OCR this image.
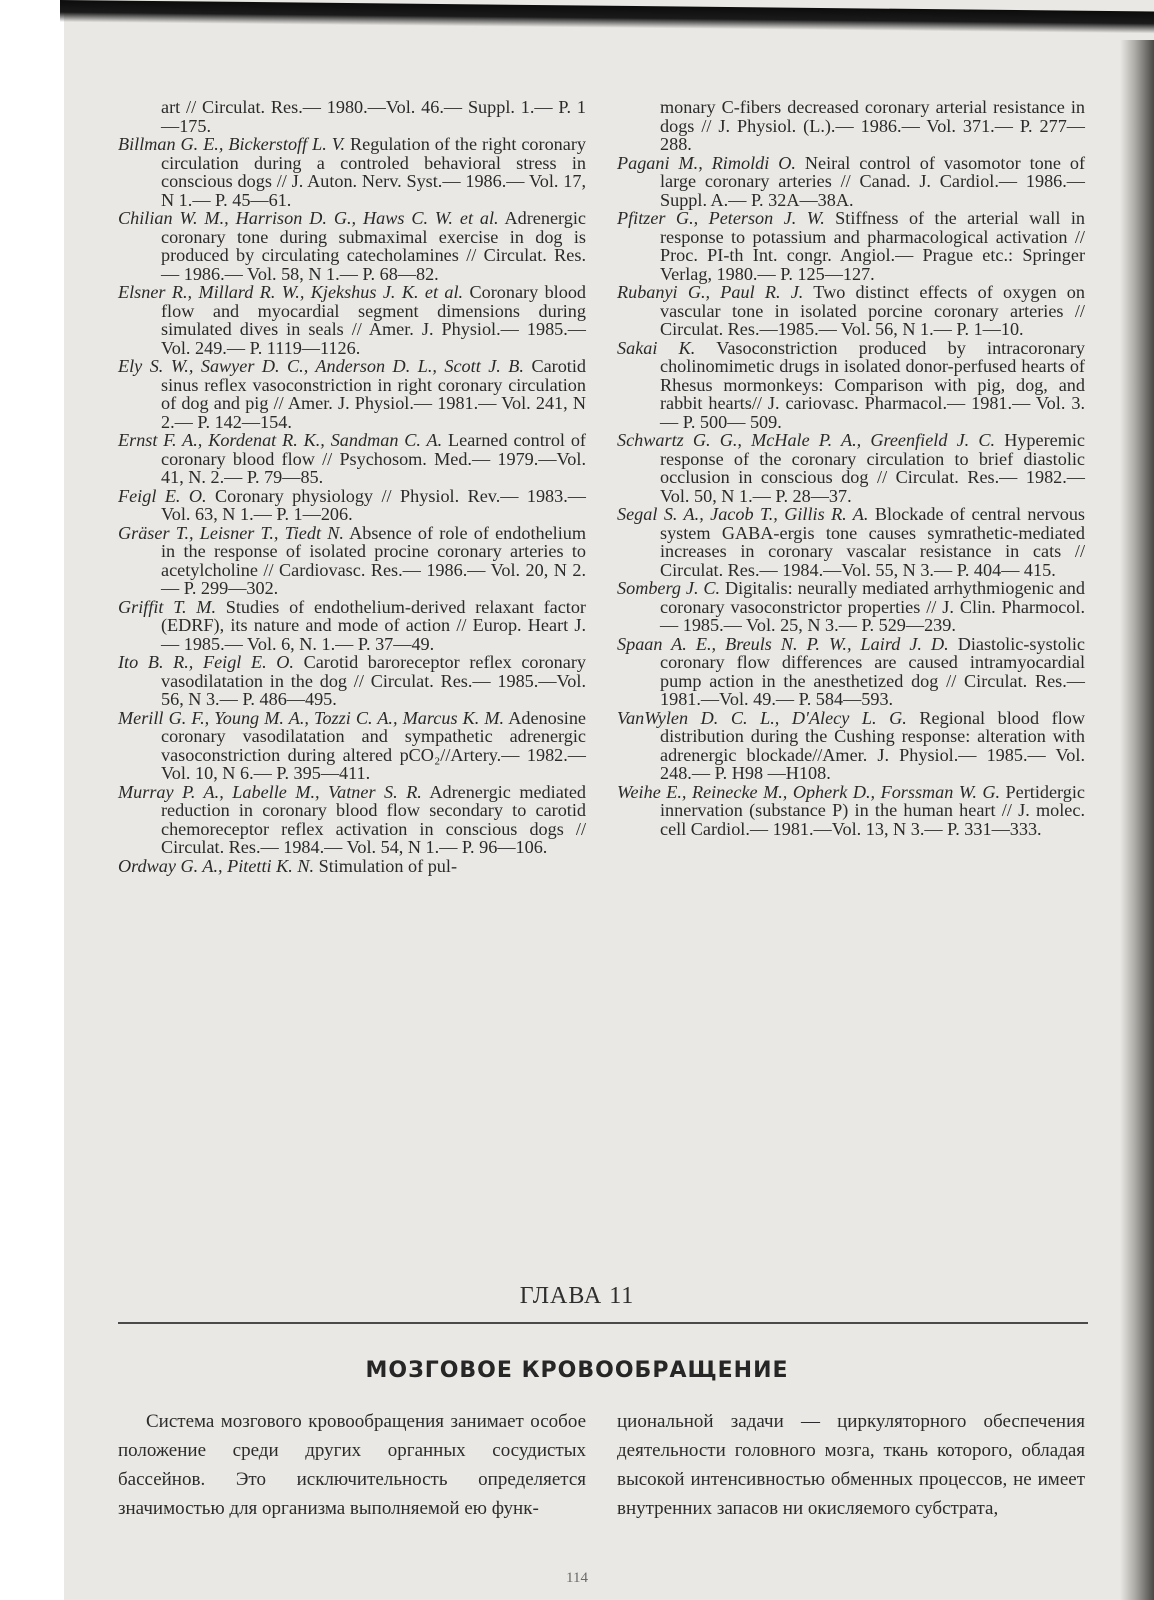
art // Circulat. Res.— 1980.—Vol. 46.— Suppl. 1.— P. 1—175.
Billman G. E., Bickerstoff L. V. Regulation of the right coronary circulation during a controled behavioral stress in conscious dogs // J. Auton. Nerv. Syst.— 1986.— Vol. 17, N 1.— P. 45—61.
Chilian W. M., Harrison D. G., Haws C. W. et al. Adrenergic coronary tone during submaximal exercise in dog is produced by circulating catecholamines // Circulat. Res.— 1986.— Vol. 58, N 1.— P. 68—82.
Elsner R., Millard R. W., Kjekshus J. K. et al. Coronary blood flow and myocardial segment dimensions during simulated dives in seals // Amer. J. Physiol.— 1985.— Vol. 249.— P. 1119—1126.
Ely S. W., Sawyer D. C., Anderson D. L., Scott J. B. Carotid sinus reflex vasoconstriction in right coronary circulation of dog and pig // Amer. J. Physiol.— 1981.— Vol. 241, N 2.— P. 142—154.
Ernst F. A., Kordenat R. K., Sandman C. A. Learned control of coronary blood flow // Psychosom. Med.— 1979.—Vol. 41, N. 2.— P. 79—85.
Feigl E. O. Coronary physiology // Physiol. Rev.— 1983.— Vol. 63, N 1.— P. 1—206.
Gräser T., Leisner T., Tiedt N. Absence of role of endothelium in the response of isolated procine coronary arteries to acetylcholine // Cardiovasc. Res.— 1986.— Vol. 20, N 2.— P. 299—302.
Griffit T. M. Studies of endothelium-derived relaxant factor (EDRF), its nature and mode of action // Europ. Heart J.— 1985.— Vol. 6, N. 1.— P. 37—49.
Ito B. R., Feigl E. O. Carotid baroreceptor reflex coronary vasodilatation in the dog // Circulat. Res.— 1985.—Vol. 56, N 3.— P. 486—495.
Merill G. F., Young M. A., Tozzi C. A., Marcus K. M. Adenosine coronary vasodilatation and sympathetic adrenergic vasoconstriction during altered pCO₂//Artery.— 1982.— Vol. 10, N 6.— P. 395—411.
Murray P. A., Labelle M., Vatner S. R. Adrenergic mediated reduction in coronary blood flow secondary to carotid chemoreceptor reflex activation in conscious dogs // Circulat. Res.— 1984.— Vol. 54, N 1.— P. 96—106.
Ordway G. A., Pitetti K. N. Stimulation of pul-
monary C-fibers decreased coronary arterial resistance in dogs // J. Physiol. (L.).— 1986.— Vol. 371.— P. 277—288.
Pagani M., Rimoldi O. Neiral control of vasomotor tone of large coronary arteries // Canad. J. Cardiol.— 1986.—Suppl. A.— P. 32A—38A.
Pfitzer G., Peterson J. W. Stiffness of the arterial wall in response to potassium and pharmacological activation // Proc. PI-th Int. congr. Angiol.— Prague etc.: Springer Verlag, 1980.— P. 125—127.
Rubanyi G., Paul R. J. Two distinct effects of oxygen on vascular tone in isolated porcine coronary arteries // Circulat. Res.—1985.— Vol. 56, N 1.— P. 1—10.
Sakai K. Vasoconstriction produced by intracoronary cholinomimetic drugs in isolated donor-perfused hearts of Rhesus mormonkeys: Comparison with pig, dog, and rabbit hearts// J. cariovasc. Pharmacol.— 1981.— Vol. 3.— P. 500— 509.
Schwartz G. G., McHale P. A., Greenfield J. C. Hyperemic response of the coronary circulation to brief diastolic occlusion in conscious dog // Circulat. Res.— 1982.— Vol. 50, N 1.— P. 28—37.
Segal S. A., Jacob T., Gillis R. A. Blockade of central nervous system GABA-ergis tone causes symrathetic-mediated increases in coronary vascalar resistance in cats // Circulat. Res.— 1984.—Vol. 55, N 3.— P. 404— 415.
Somberg J. C. Digitalis: neurally mediated arrhythmiogenic and coronary vasoconstrictor properties // J. Clin. Pharmocol.— 1985.— Vol. 25, N 3.— P. 529—239.
Spaan A. E., Breuls N. P. W., Laird J. D. Diastolic-systolic coronary flow differences are caused intramyocardial pump action in the anesthetized dog // Circulat. Res.— 1981.—Vol. 49.— P. 584—593.
VanWylen D. C. L., D'Alecy L. G. Regional blood flow distribution during the Cushing response: alteration with adrenergic blockade//Amer. J. Physiol.— 1985.— Vol. 248.— P. H98 —H108.
Weihe E., Reinecke M., Opherk D., Forssman W. G. Pertidergic innervation (substance P) in the human heart // J. molec. cell Cardiol.— 1981.—Vol. 13, N 3.— P. 331—333.
ГЛАВА 11
МОЗГОВОЕ КРОВООБРАЩЕНИЕ
Система мозгового кровообращения занимает особое положение среди других органных сосудистых бассейнов. Это исключительность определяется значимостью для организма выполняемой ею функ-
циональной задачи — циркуляторного обеспечения деятельности головного мозга, ткань которого, обладая высокой интенсивностью обменных процессов, не имеет внутренних запасов ни окисляемого субстрата,
114
